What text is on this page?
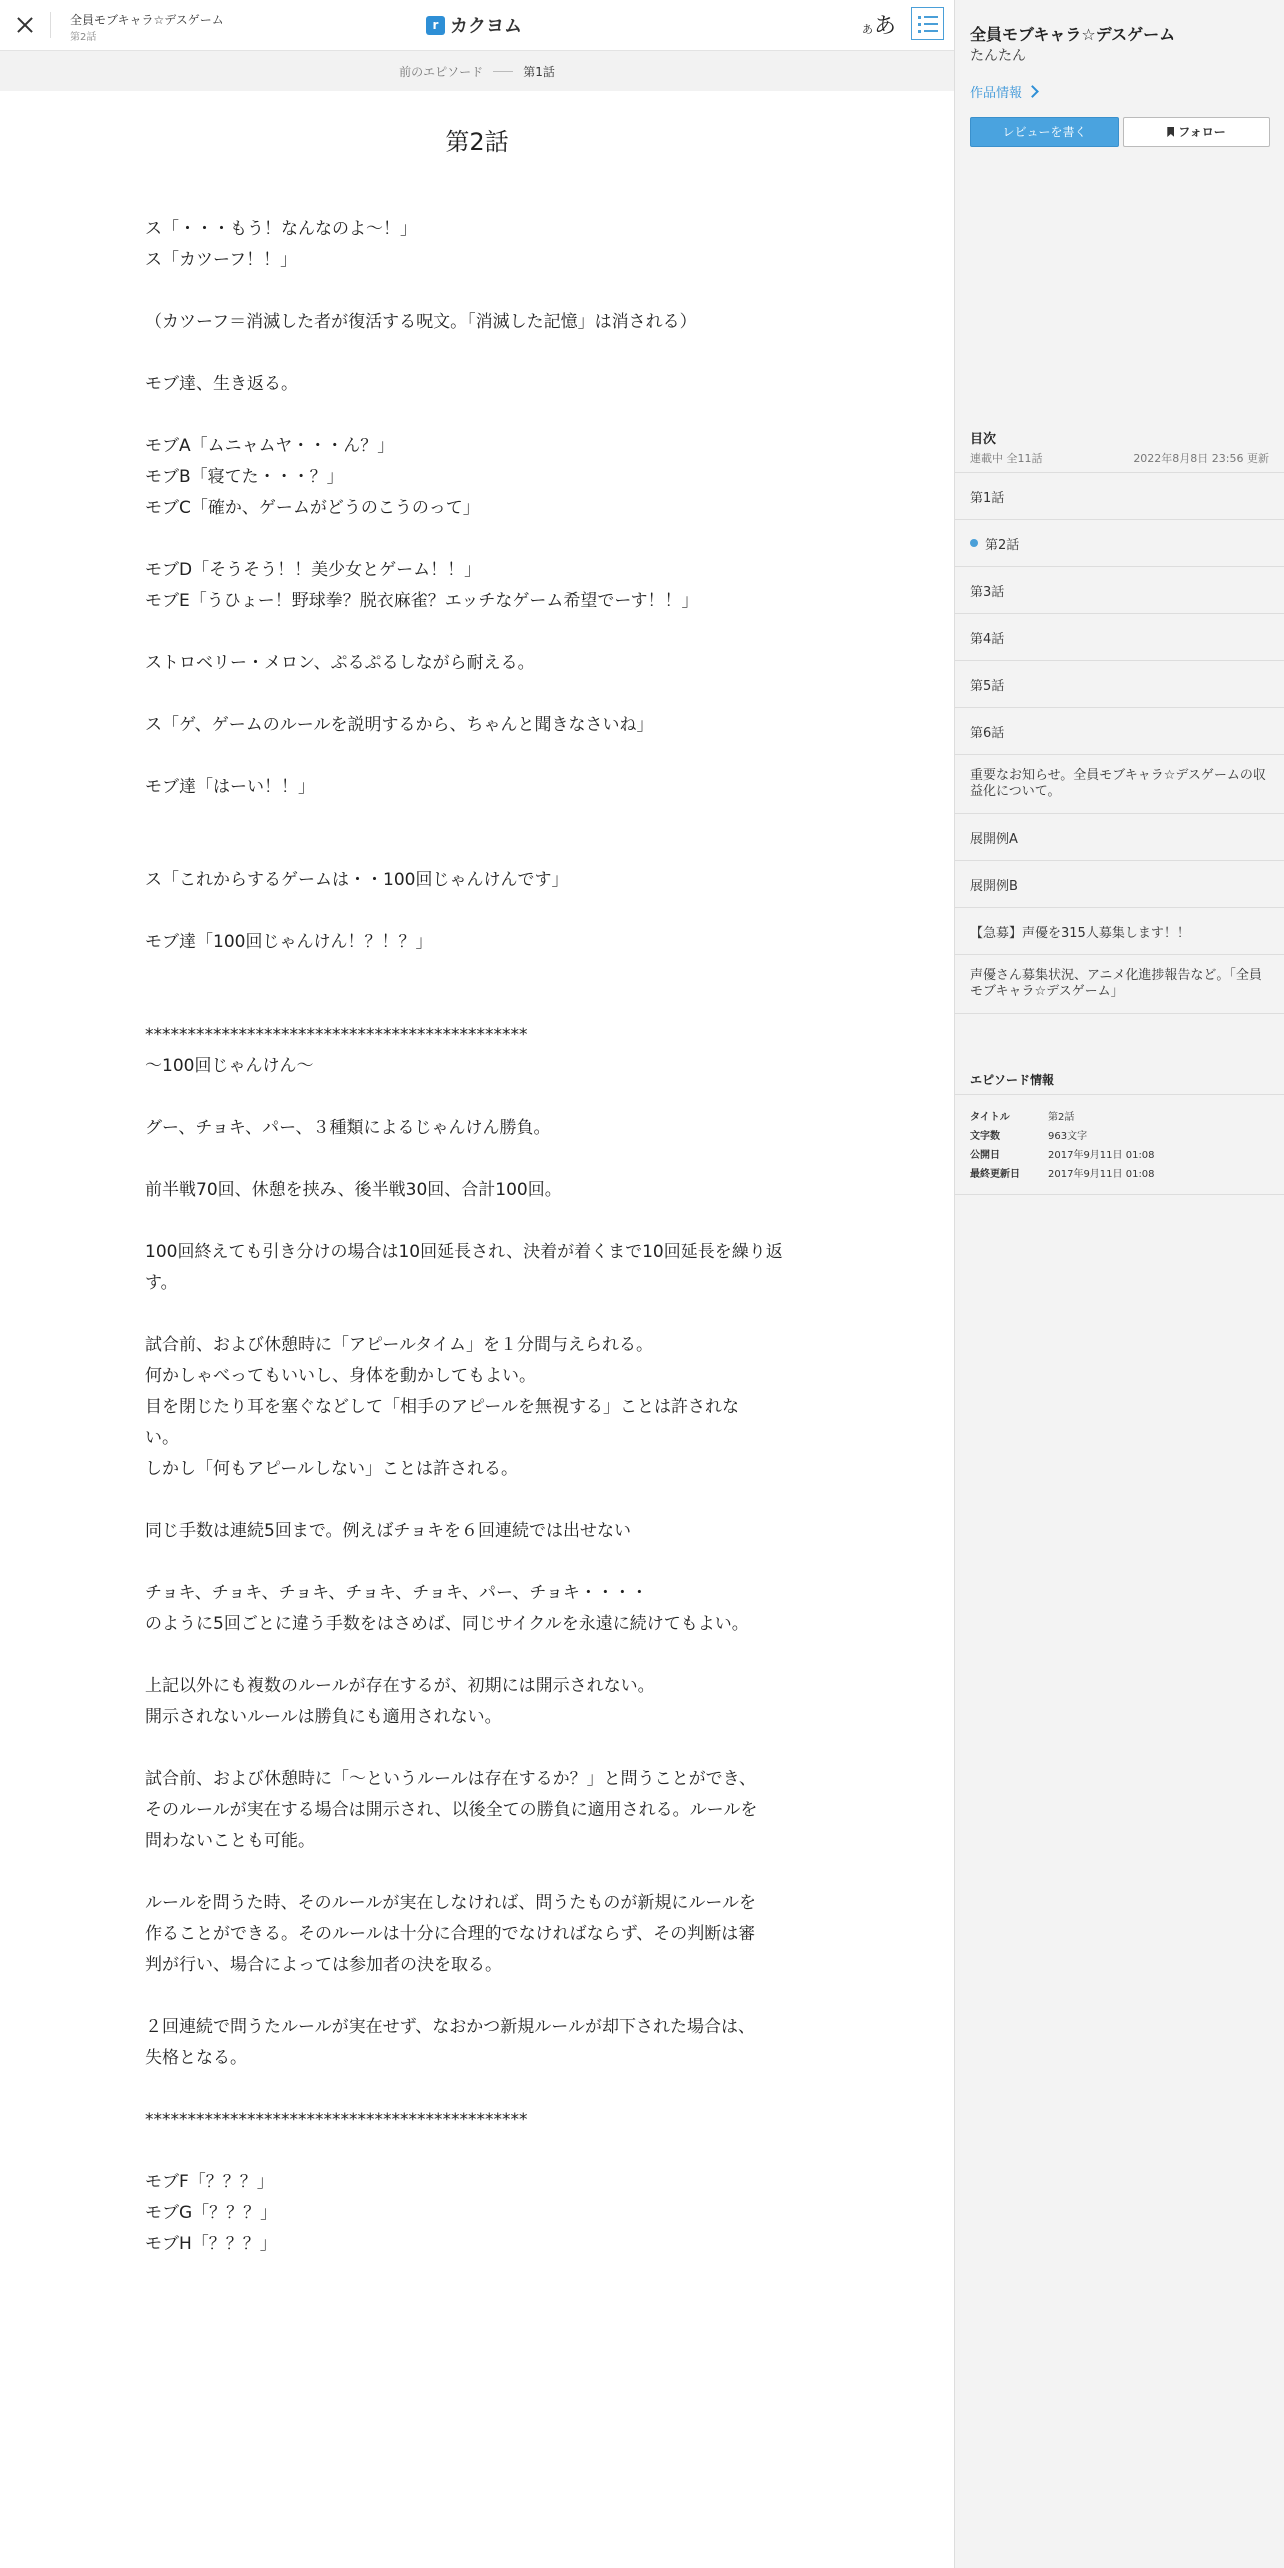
全員モブキャラ☆デスゲーム
第2話
r カクヨム	あ あ
前のエピソード	第1話
第2話

ス「・・・もう！なんなのよ～！」

ス「カツーフ！！」

（カツーフ＝消滅した者が復活する呪文。「消滅した記憶」は消される）

モブ達、生き返る。

モブA「ムニャムヤ・・・ん？」

モブB「寝てた・・・？」

モブC「確か、ゲームがどうのこうのって」

モブD「そうそう！！美少女とゲーム！！」

モブE「うひょー！野球拳？脱衣麻雀？エッチなゲーム希望でーす！！」

ストロベリー・メロン、ぷるぷるしながら耐える。

ス「ゲ、ゲームのルールを説明するから、ちゃんと聞きなさいね」

モブ達「はーい！！」

ス「これからするゲームは・・100回じゃんけんです」

モブ達「100回じゃんけん！？！？」

*********************************************

～100回じゃんけん～

グー、チョキ、パー、３種類によるじゃんけん勝負。

前半戦70回、休憩を挟み、後半戦30回、合計100回。

100回終えても引き分けの場合は10回延長され、決着が着くまで10回延長を繰り返

す。

試合前、および休憩時に「アピールタイム」を１分間与えられる。

何かしゃべってもいいし、身体を動かしてもよい。

目を閉じたり耳を塞ぐなどして「相手のアピールを無視する」ことは許されな

い。

しかし「何もアピールしない」ことは許される。

同じ手数は連続5回まで。例えばチョキを６回連続では出せない

チョキ、チョキ、チョキ、チョキ、チョキ、パー、チョキ・・・・

のように5回ごとに違う手数をはさめば、同じサイクルを永遠に続けてもよい。

上記以外にも複数のルールが存在するが、初期には開示されない。

開示されないルールは勝負にも適用されない。

試合前、および休憩時に「～というルールは存在するか？」と問うことができ、

そのルールが実在する場合は開示され、以後全ての勝負に適用される。ルールを

問わないことも可能。

ルールを問うた時、そのルールが実在しなければ、問うたものが新規にルールを

作ることができる。そのルールは十分に合理的でなければならず、その判断は審

判が行い、場合によっては参加者の決を取る。

２回連続で問うたルールが実在せず、なおかつ新規ルールが却下された場合は、

失格となる。

*********************************************

モブF「？？？」

モブG「？？？」

モブH「？？？」

全員モブキャラ☆デスゲーム
たんたん
作品情報
レビューを書く	フォロー
目次
連載中 全11話	2022年8月8日 23:56 更新
第1話
第2話
第3話
第4話
第5話
第6話
重要なお知らせ。全員モブキャラ☆デスゲームの収益化について。
展開例A
展開例B
【急募】声優を315人募集します！！
声優さん募集状況、アニメ化進捗報告など。「全員モブキャラ☆デスゲーム」
エピソード情報
タイトル	第2話
文字数	963文字
公開日	2017年9月11日 01:08
最終更新日	2017年9月11日 01:08
